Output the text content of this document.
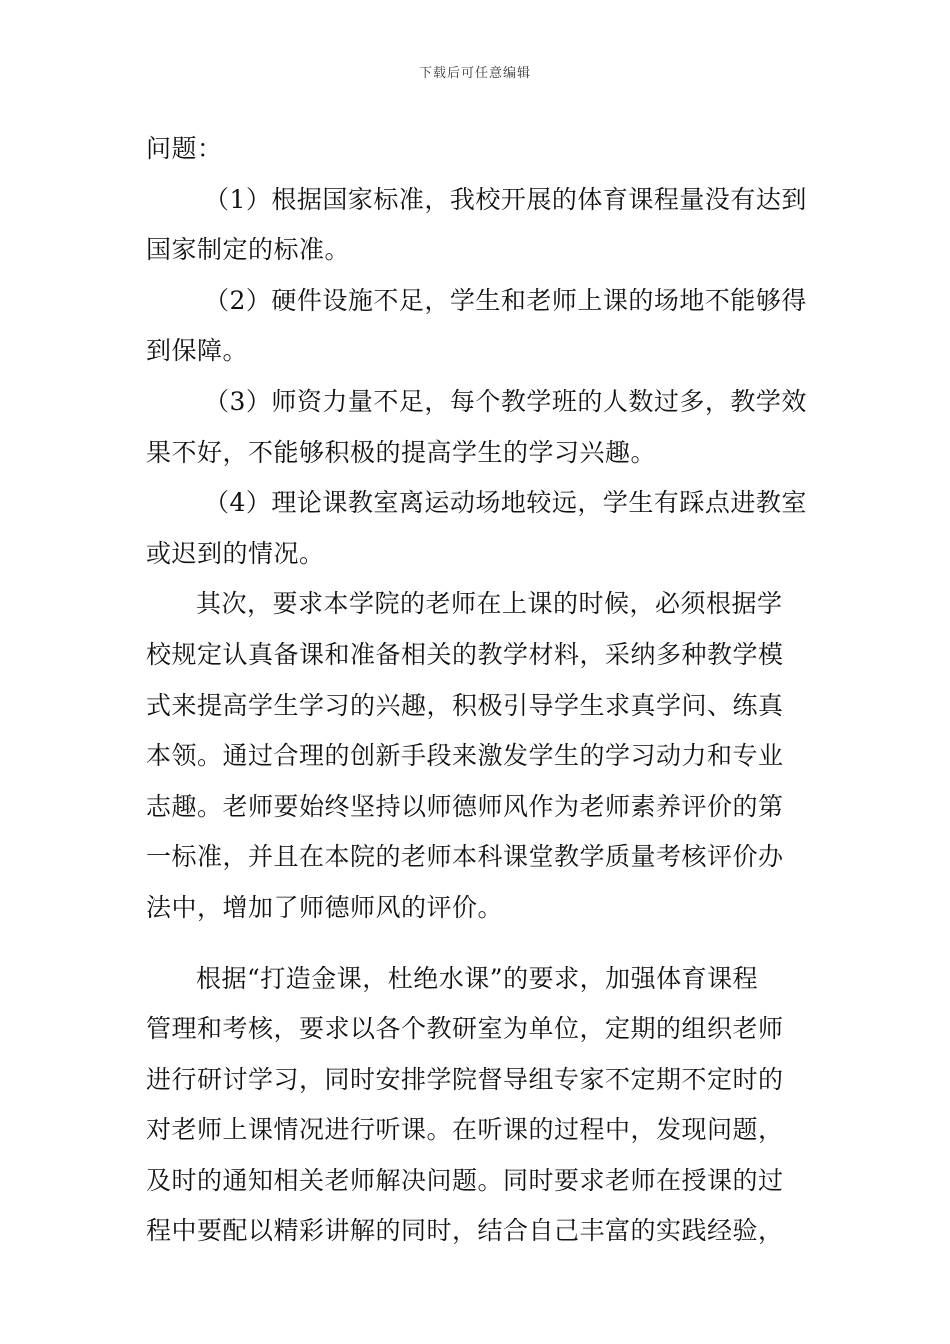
下载后可任意编辑
问题：
（1）根据国家标准，我校开展的体育课程量没有达到
国家制定的标准。
（2）硬件设施不足，学生和老师上课的场地不能够得
到保障。
（3）师资力量不足，每个教学班的人数过多，教学效
果不好，不能够积极的提高学生的学习兴趣。
（4）理论课教室离运动场地较远，学生有踩点进教室
或迟到的情况。
其次，要求本学院的老师在上课的时候，必须根据学
校规定认真备课和准备相关的教学材料，采纳多种教学模
式来提高学生学习的兴趣，积极引导学生求真学问、练真
本领。通过合理的创新手段来激发学生的学习动力和专业
志趣。老师要始终坚持以师德师风作为老师素养评价的第
一标准，并且在本院的老师本科课堂教学质量考核评价办
法中，增加了师德师风的评价。
根据“打造金课，杜绝水课”的要求，加强体育课程
管理和考核，要求以各个教研室为单位，定期的组织老师
进行研讨学习，同时安排学院督导组专家不定期不定时的
对老师上课情况进行听课。在听课的过程中，发现问题，
及时的通知相关老师解决问题。同时要求老师在授课的过
程中要配以精彩讲解的同时，结合自己丰富的实践经验，
